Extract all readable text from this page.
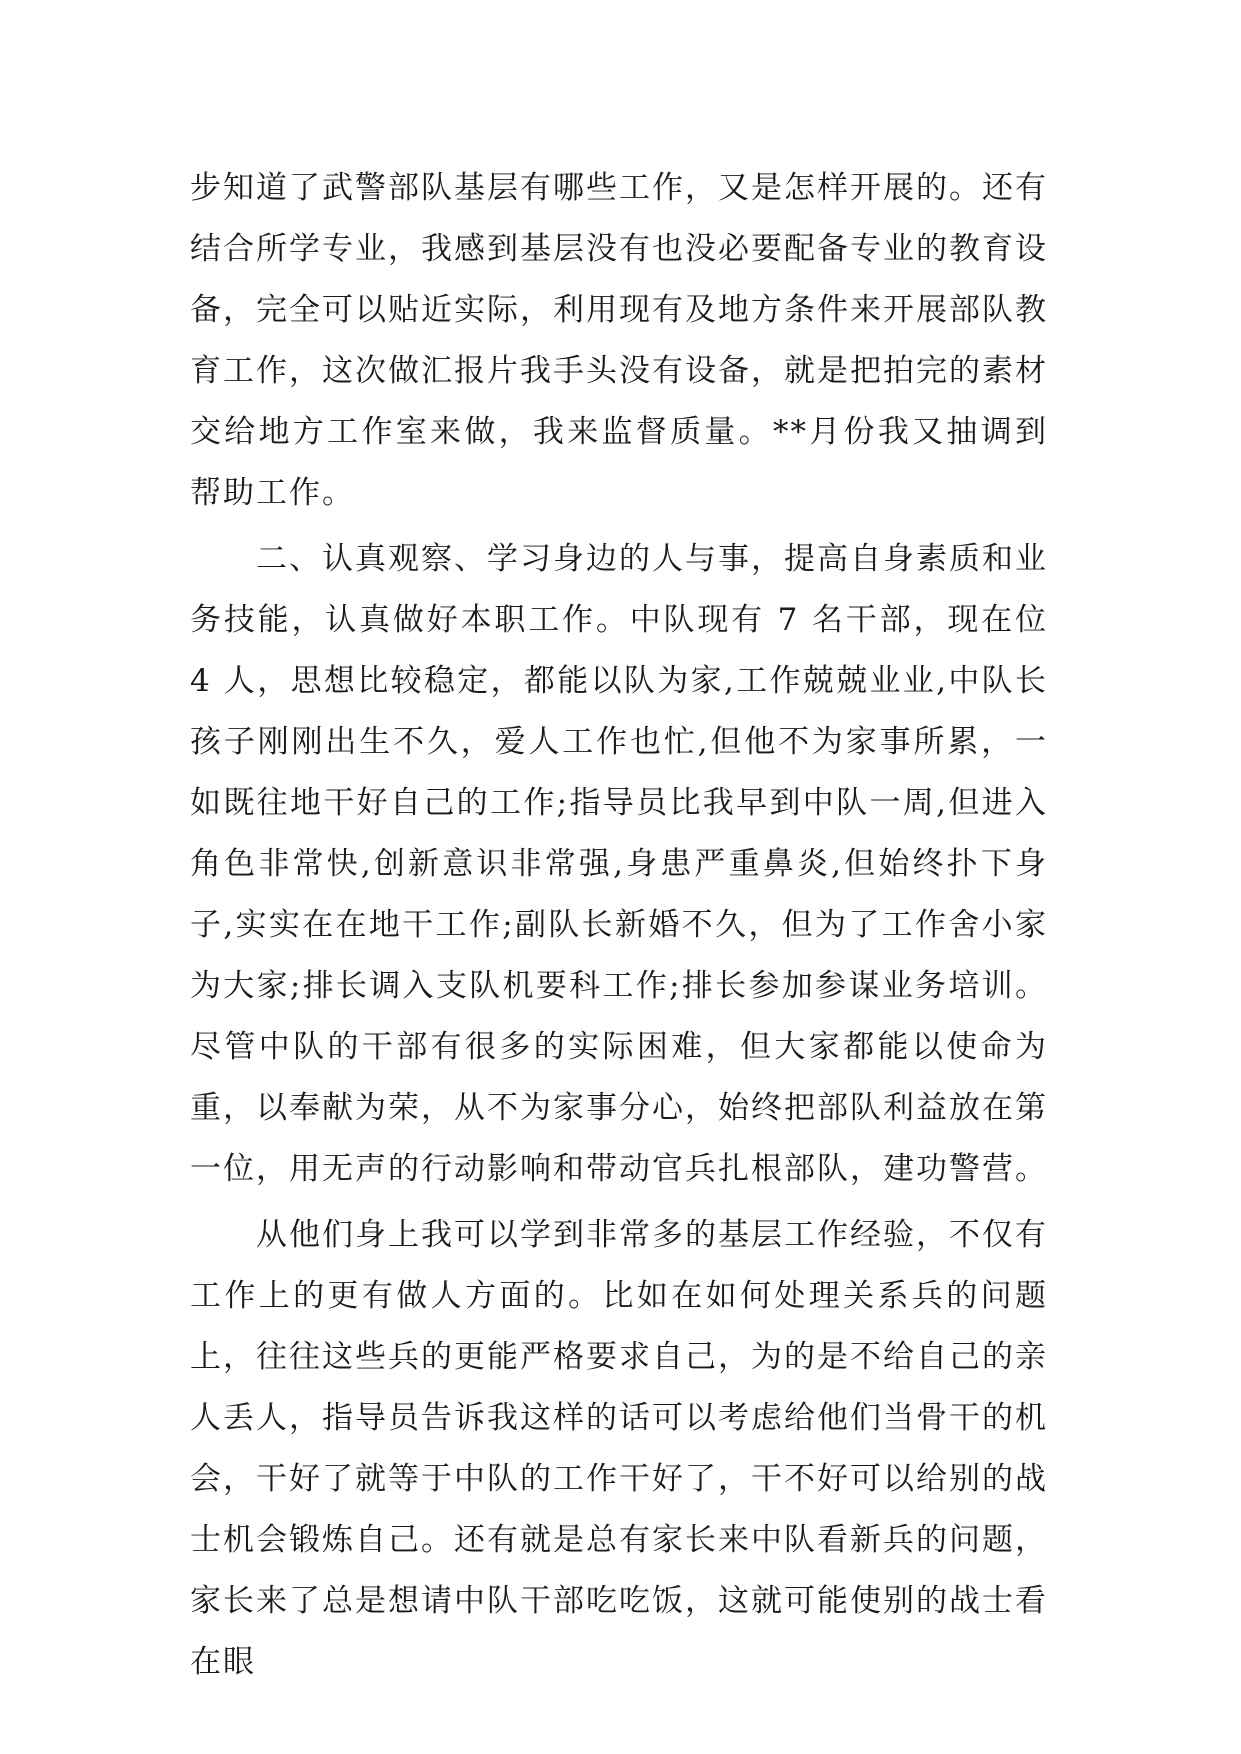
步知道了武警部队基层有哪些工作，又是怎样开展的。还有结合所学专业，我感到基层没有也没必要配备专业的教育设备，完全可以贴近实际，利用现有及地方条件来开展部队教育工作，这次做汇报片我手头没有设备，就是把拍完的素材交给地方工作室来做，我来监督质量。**月份我又抽调到帮助工作。

二、认真观察、学习身边的人与事，提高自身素质和业务技能，认真做好本职工作。中队现有 7 名干部，现在位 4 人，思想比较稳定，都能以队为家,工作兢兢业业,中队长孩子刚刚出生不久，爱人工作也忙,但他不为家事所累，一如既往地干好自己的工作;指导员比我早到中队一周,但进入角色非常快,创新意识非常强,身患严重鼻炎,但始终扑下身子,实实在在地干工作;副队长新婚不久，但为了工作舍小家为大家;排长调入支队机要科工作;排长参加参谋业务培训。尽管中队的干部有很多的实际困难，但大家都能以使命为重，以奉献为荣，从不为家事分心，始终把部队利益放在第一位，用无声的行动影响和带动官兵扎根部队，建功警营。

从他们身上我可以学到非常多的基层工作经验，不仅有工作上的更有做人方面的。比如在如何处理关系兵的问题上，往往这些兵的更能严格要求自己，为的是不给自己的亲人丢人，指导员告诉我这样的话可以考虑给他们当骨干的机会，干好了就等于中队的工作干好了，干不好可以给别的战士机会锻炼自己。还有就是总有家长来中队看新兵的问题，家长来了总是想请中队干部吃吃饭，这就可能使别的战士看在眼
